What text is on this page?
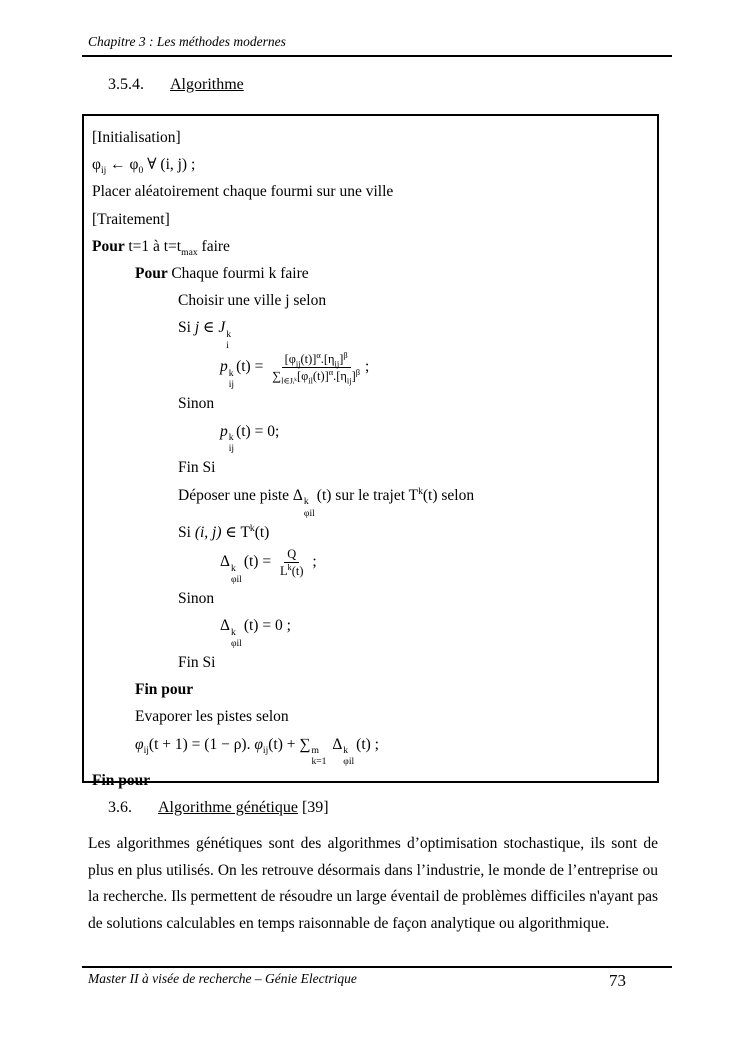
Chapitre 3 : Les méthodes modernes
3.5.4. Algorithme
[Initialisation]
$\varphi_{ij}$ ← $\varphi_0$ ∀ (i, j) ;
Placer aléatoirement chaque fourmi sur une ville
[Traitement]
Pour t=1 à $t=t_{max}$ faire
Pour Chaque fourmi k faire
Choisir une ville j selon
Si j ∈ J k
i
p k
ij
$(t) = \frac{[\varphi_{ij}(t)]^\alpha.[\eta_{ij}]^\beta}{\sum_{l\in Jᵢᵏ}[\varphi_{il}(t)]^\alpha.[\eta_{ij}]^\beta}$ ;
Sinon
p k
ij
(t) = 0;
Fin Si
Déposer une piste Δ k
φil
(t) sur le trajet $T^k(t)$ selon
Si (i, j) ∈ $T^k(t)$
Δ k
φil
$(t) = \frac{Q}{L^k(t)}$ ;
Sinon
Δ k
φil
(t) = 0 ;
Fin Si
Fin pour
Evaporer les pistes selon
$\varphi_{ij}(t + 1) = (1 - \rho)$. $\varphi_{ij}(t)$ + ∑ m
k=1
Δ k
φil
(t) ;
Fin pour
3.6. Algorithme génétique [39]
Les algorithmes génétiques sont des algorithmes d’optimisation stochastique, ils sont de plus en plus utilisés. On les retrouve désormais dans l’industrie, le monde de l’entreprise ou la recherche. Ils permettent de résoudre un large éventail de problèmes difficiles n'ayant pas de solutions calculables en temps raisonnable de façon analytique ou algorithmique.
Master II à visée de recherche – Génie Electrique	73
